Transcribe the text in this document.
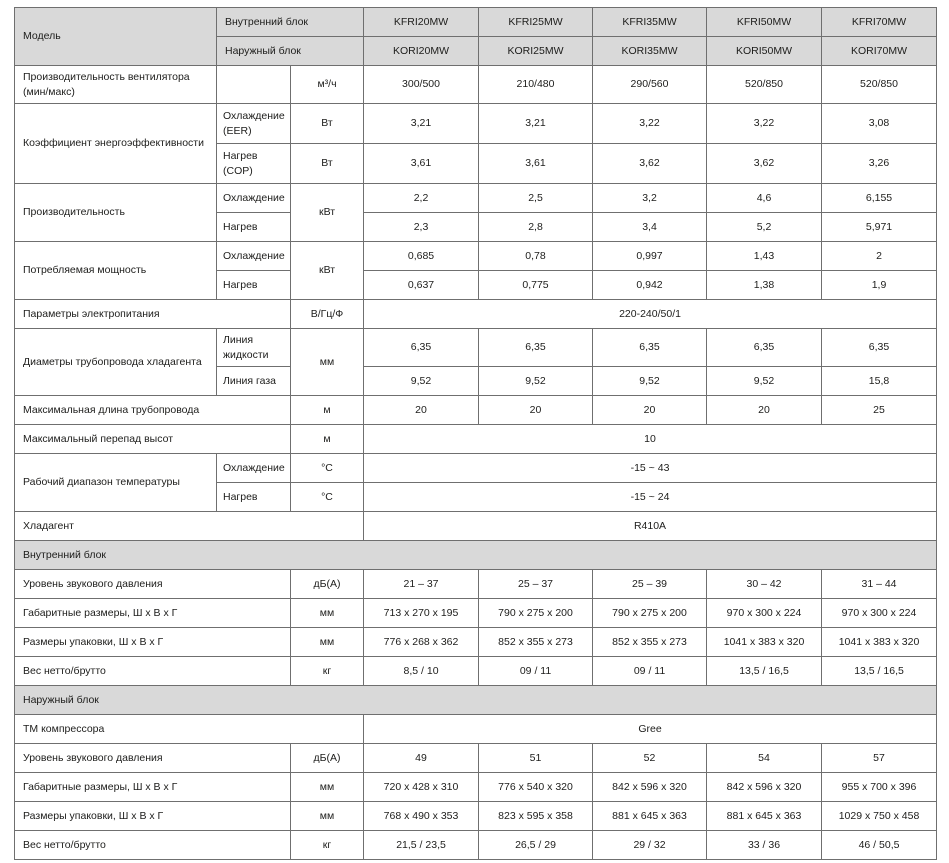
Модель	Внутренний блок		KFRI20MW	KFRI25MW	KFRI35MW	KFRI50MW	KFRI70MW
	Наружный блок		KORI20MW	KORI25MW	KORI35MW	KORI50MW	KORI70MW
Производительность вентилятора (мин/макс)		м³/ч	300/500	210/480	290/560	520/850	520/850
Коэффициент энергоэффективности	Охлаждение (EER)	Вт	3,21	3,21	3,22	3,22	3,08
	Нагрев (COP)	Вт	3,61	3,61	3,62	3,62	3,26
Производительность	Охлаждение	кВт	2,2	2,5	3,2	4,6	6,155
	Нагрев		2,3	2,8	3,4	5,2	5,971
Потребляемая мощность	Охлаждение	кВт	0,685	0,78	0,997	1,43	2
	Нагрев		0,637	0,775	0,942	1,38	1,9
Параметры электропитания		В/Гц/Ф	220-240/50/1				
Диаметры трубопровода хладагента	Линия жидкости	мм	6,35	6,35	6,35	6,35	6,35
	Линия газа		9,52	9,52	9,52	9,52	15,8
Максимальная длина трубопровода		м	20	20	20	20	25
Максимальный перепад высот		м	10				
Рабочий диапазон температуры	Охлаждение	°С	-15 ~ 43				
	Нагрев	°С	-15 ~ 24				
Хладагент			R410A				
Внутренний блок							
Уровень звукового давления		дБ(А)	21 – 37	25 – 37	25 – 39	30 – 42	31 – 44
Габаритные размеры, Ш х В х Г		мм	713 х 270 х 195	790 х 275 х 200	790 х 275 х 200	970 х 300 х 224	970 х 300 х 224
Размеры упаковки, Ш х В х Г		мм	776 х 268 х 362	852 х 355 х 273	852 х 355 х 273	1041 х 383 х 320	1041 х 383 х 320
Вес нетто/брутто		кг	8,5 / 10	09 / 11	09 / 11	13,5 / 16,5	13,5 / 16,5
Наружный блок							
ТМ компрессора			Gree				
Уровень звукового давления		дБ(А)	49	51	52	54	57
Габаритные размеры, Ш х В х Г		мм	720 х 428 х 310	776 х 540 х 320	842 х 596 х 320	842 х 596 х 320	955 х 700 х 396
Размеры упаковки, Ш х В х Г		мм	768 х 490 х 353	823 х 595 х 358	881 х 645 х 363	881 х 645 х 363	1029 х 750 х 458
Вес нетто/брутто		кг	21,5 / 23,5	26,5 / 29	29 / 32	33 / 36	46 / 50,5
